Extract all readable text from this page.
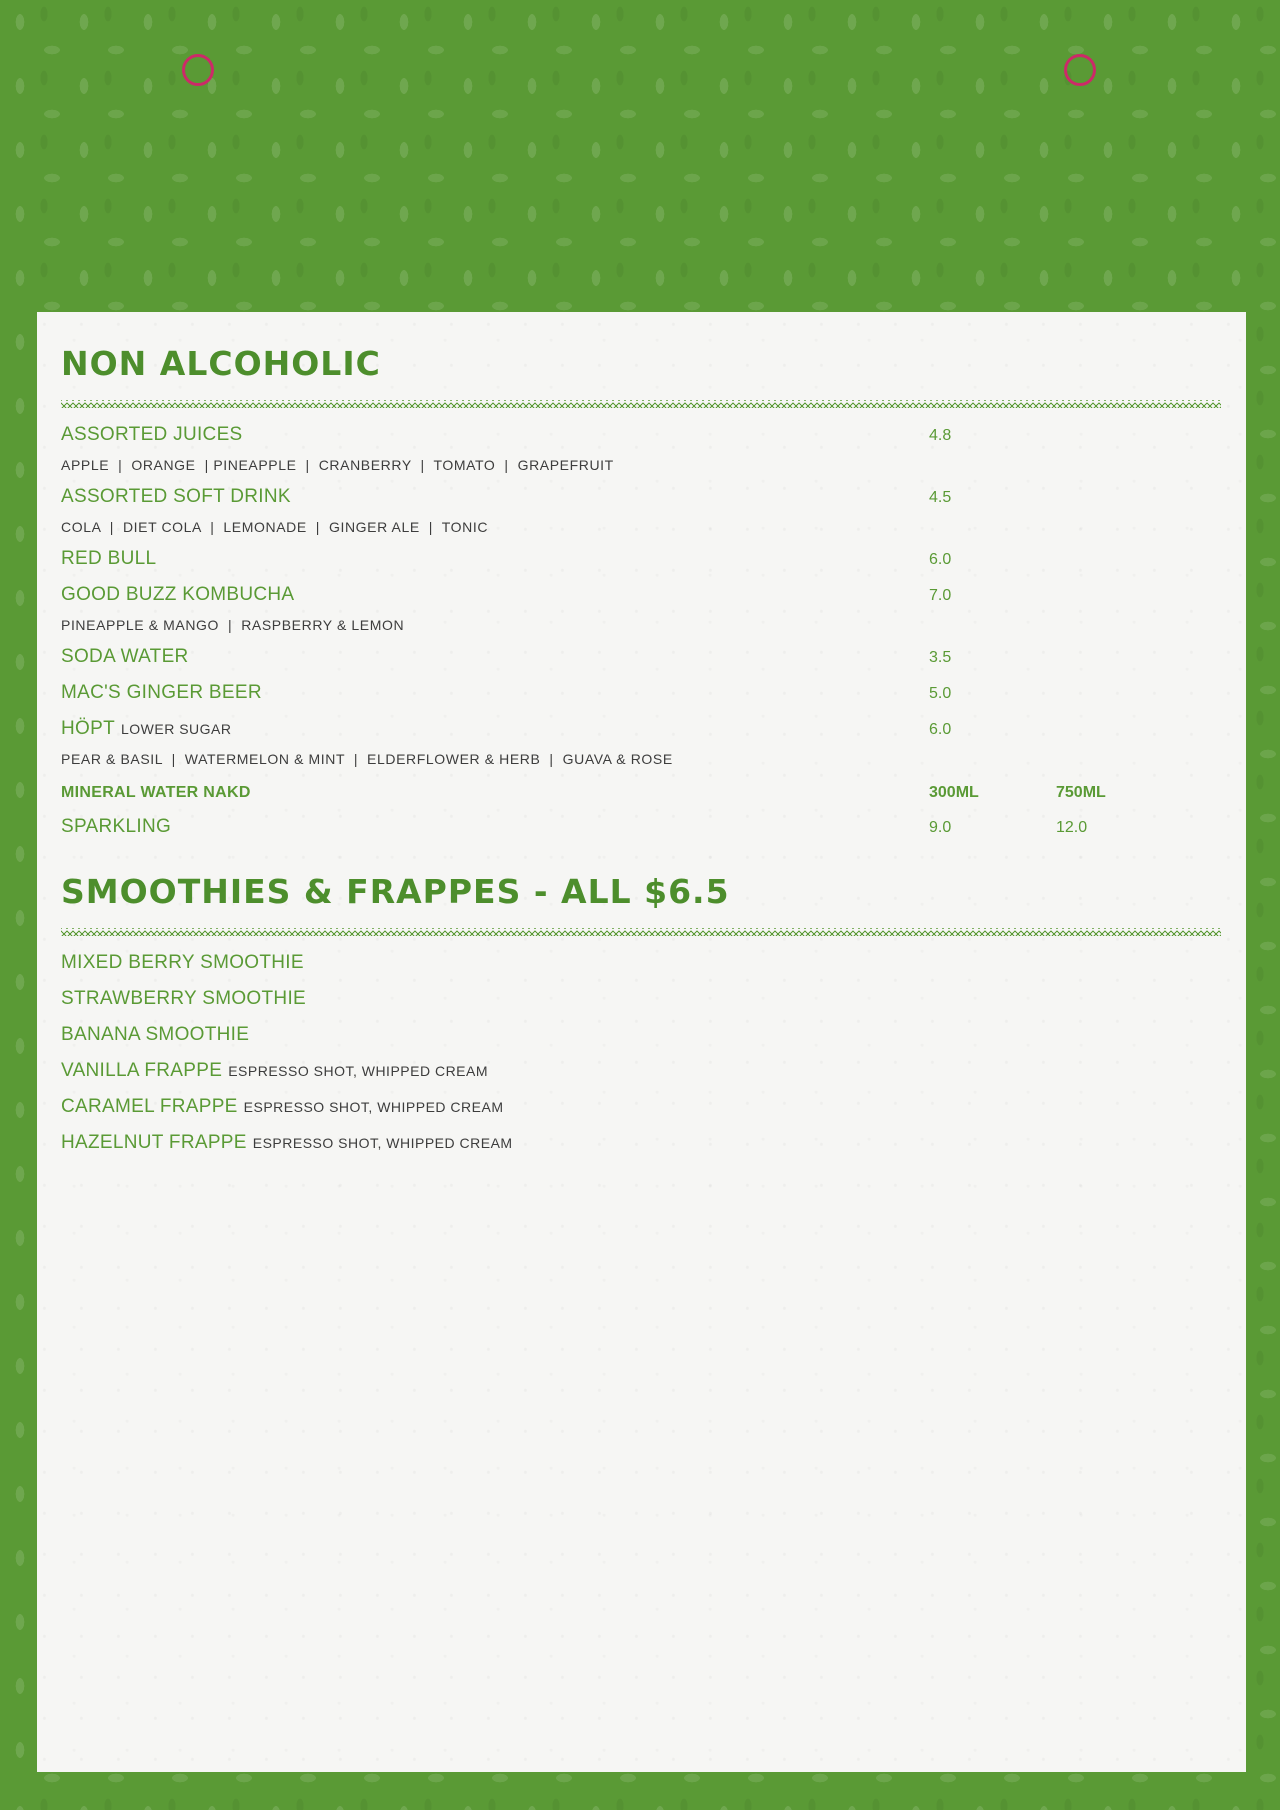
NON ALCOHOLIC
ASSORTED JUICES	4.8
APPLE  |  ORANGE  | PINEAPPLE  |  CRANBERRY  |  TOMATO  |  GRAPEFRUIT
ASSORTED SOFT DRINK	4.5
COLA  |  DIET COLA  |  LEMONADE  |  GINGER ALE  |  TONIC
RED BULL	6.0
GOOD BUZZ KOMBUCHA	7.0
PINEAPPLE & MANGO  |  RASPBERRY & LEMON
SODA WATER	3.5
MAC'S GINGER BEER	5.0
HÖPT LOWER SUGAR	6.0
PEAR & BASIL  |  WATERMELON & MINT  |  ELDERFLOWER & HERB  |  GUAVA & ROSE
MINERAL WATER NAKD	300ML	750ML
SPARKLING	9.0	12.0
SMOOTHIES & FRAPPES - ALL $6.5
MIXED BERRY SMOOTHIE
STRAWBERRY SMOOTHIE
BANANA SMOOTHIE
VANILLA FRAPPE ESPRESSO SHOT, WHIPPED CREAM
CARAMEL FRAPPE ESPRESSO SHOT, WHIPPED CREAM
HAZELNUT FRAPPE ESPRESSO SHOT, WHIPPED CREAM
